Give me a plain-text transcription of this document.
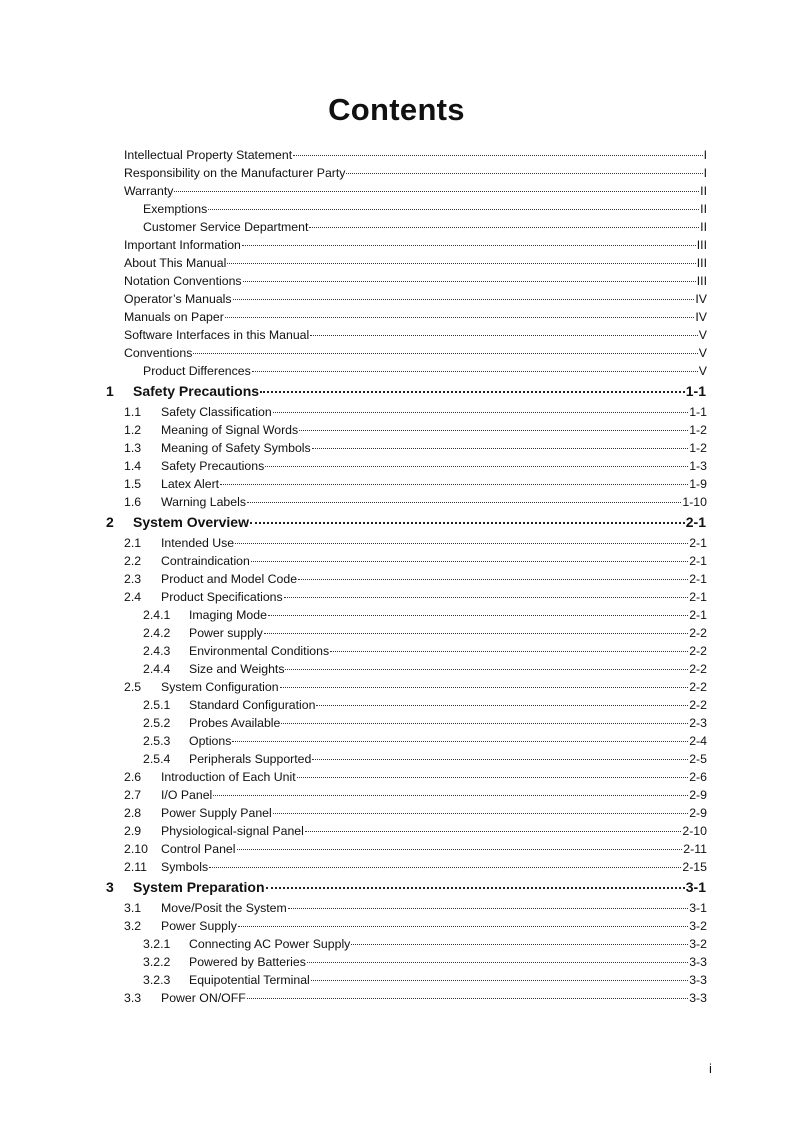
Contents
Intellectual Property Statement	I
Responsibility on the Manufacturer Party	I
Warranty	II
Exemptions	II
Customer Service Department	II
Important Information	III
About This Manual	III
Notation Conventions	III
Operator’s Manuals	IV
Manuals on Paper	IV
Software Interfaces in this Manual	V
Conventions	V
Product Differences	V
1	Safety Precautions	1-1
1.1	Safety Classification	1-1
1.2	Meaning of Signal Words	1-2
1.3	Meaning of Safety Symbols	1-2
1.4	Safety Precautions	1-3
1.5	Latex Alert	1-9
1.6	Warning Labels	1-10
2	System Overview	2-1
2.1	Intended Use	2-1
2.2	Contraindication	2-1
2.3	Product and Model Code	2-1
2.4	Product Specifications	2-1
2.4.1	Imaging Mode	2-1
2.4.2	Power supply	2-2
2.4.3	Environmental Conditions	2-2
2.4.4	Size and Weights	2-2
2.5	System Configuration	2-2
2.5.1	Standard Configuration	2-2
2.5.2	Probes Available	2-3
2.5.3	Options	2-4
2.5.4	Peripherals Supported	2-5
2.6	Introduction of Each Unit	2-6
2.7	I/O Panel	2-9
2.8	Power Supply Panel	2-9
2.9	Physiological-signal Panel	2-10
2.10	Control Panel	2-11
2.11	Symbols	2-15
3	System Preparation	3-1
3.1	Move/Posit the System	3-1
3.2	Power Supply	3-2
3.2.1	Connecting AC Power Supply	3-2
3.2.2	Powered by Batteries	3-3
3.2.3	Equipotential Terminal	3-3
3.3	Power ON/OFF	3-3
i
